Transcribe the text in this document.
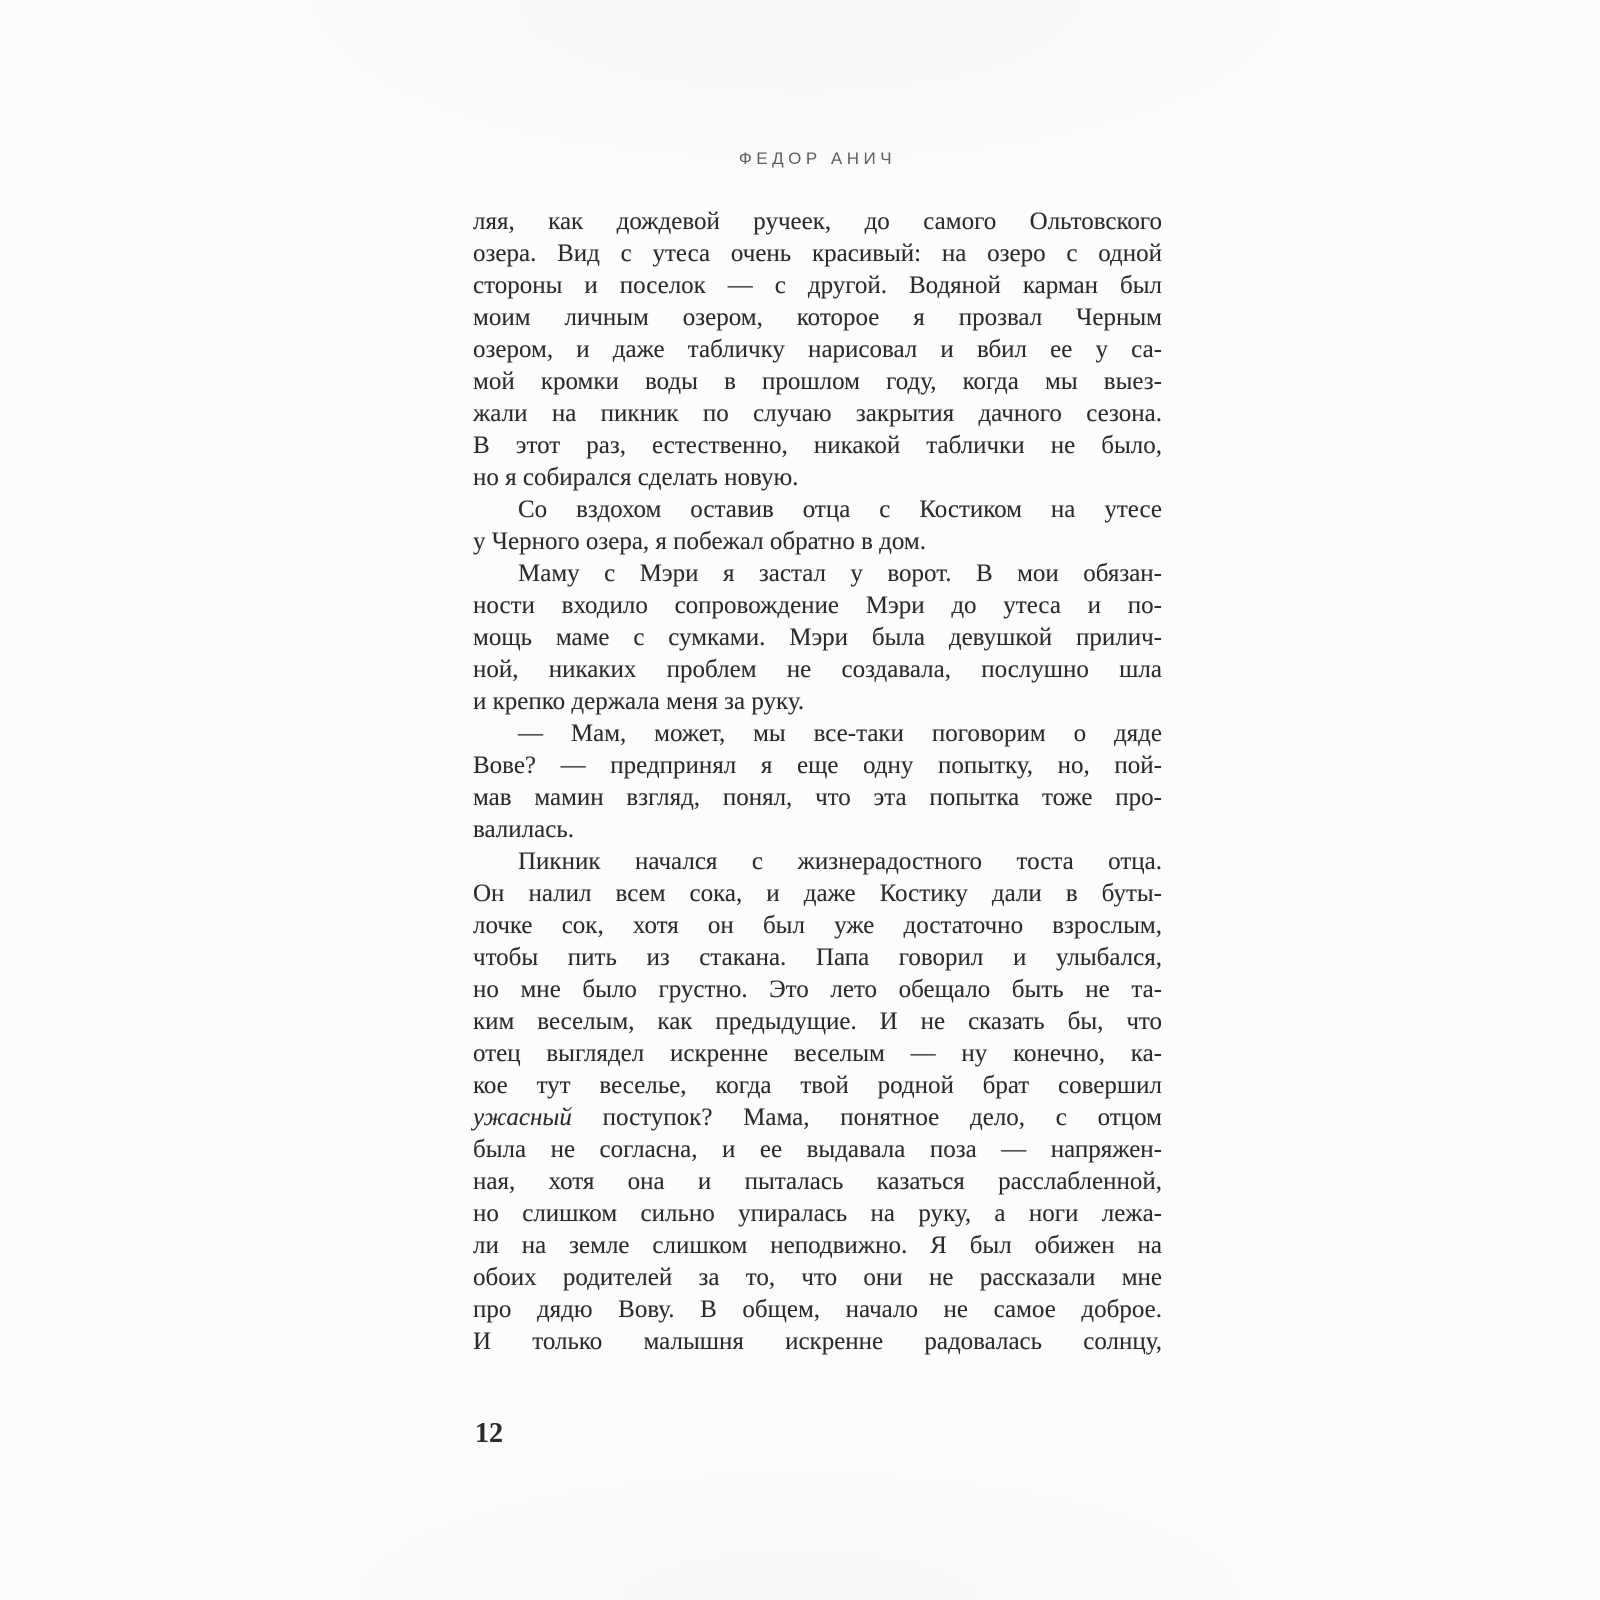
ФЕДОР АНИЧ
ляя, как дождевой ручеек, до самого Ольтовского
озера. Вид с утеса очень красивый: на озеро с одной
стороны и поселок — с другой. Водяной карман был
моим личным озером, которое я прозвал Черным
озером, и даже табличку нарисовал и вбил ее у са-
мой кромки воды в прошлом году, когда мы выез-
жали на пикник по случаю закрытия дачного сезона.
В этот раз, естественно, никакой таблички не было,
но я собирался сделать новую.
Со вздохом оставив отца с Костиком на утесе
у Черного озера, я побежал обратно в дом.
Маму с Мэри я застал у ворот. В мои обязан-
ности входило сопровождение Мэри до утеса и по-
мощь маме с сумками. Мэри была девушкой прилич-
ной, никаких проблем не создавала, послушно шла
и крепко держала меня за руку.
— Мам, может, мы все-таки поговорим о дяде
Вове? — предпринял я еще одну попытку, но, пой-
мав мамин взгляд, понял, что эта попытка тоже про-
валилась.
Пикник начался с жизнерадостного тоста отца.
Он налил всем сока, и даже Костику дали в буты-
лочке сок, хотя он был уже достаточно взрослым,
чтобы пить из стакана. Папа говорил и улыбался,
но мне было грустно. Это лето обещало быть не та-
ким веселым, как предыдущие. И не сказать бы, что
отец выглядел искренне веселым — ну конечно, ка-
кое тут веселье, когда твой родной брат совершил
ужасный поступок? Мама, понятное дело, с отцом
была не согласна, и ее выдавала поза — напряжен-
ная, хотя она и пыталась казаться расслабленной,
но слишком сильно упиралась на руку, а ноги лежа-
ли на земле слишком неподвижно. Я был обижен на
обоих родителей за то, что они не рассказали мне
про дядю Вову. В общем, начало не самое доброе.
И только малышня искренне радовалась солнцу,
12
